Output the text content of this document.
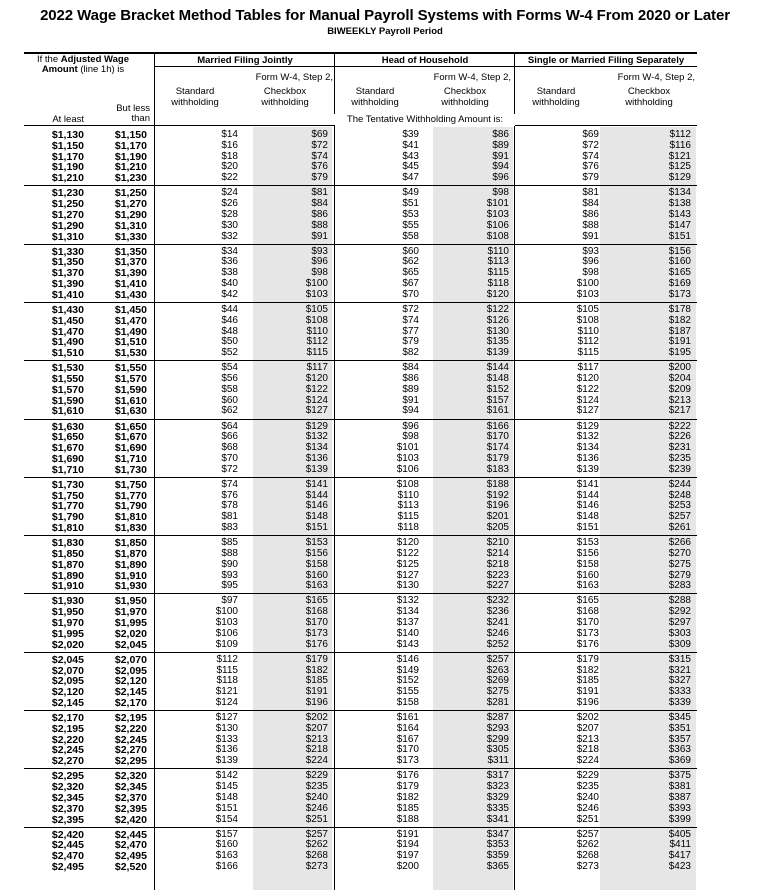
2022 Wage Bracket Method Tables for Manual Payroll Systems with Forms W-4 From 2020 or Later
BIWEEKLY Payroll Period
If the Adjusted Wage
Amount (line 1h) is
But less
than
At least
Married Filing Jointly	Head of Household	Single or Married Filing Separately
Standard
withholding
Form W-4, Step 2,
Checkbox
withholding
Standard
withholding
Form W-4, Step 2,
Checkbox
withholding
Standard
withholding
Form W-4, Step 2,
Checkbox
withholding
The Tentative Withholding Amount is:
$1,130	$1,150	$14	$69	$39	$86	$69	$112
$1,150	$1,170	$16	$72	$41	$89	$72	$116
$1,170	$1,190	$18	$74	$43	$91	$74	$121
$1,190	$1,210	$20	$76	$45	$94	$76	$125
$1,210	$1,230	$22	$79	$47	$96	$79	$129
$1,230	$1,250	$24	$81	$49	$98	$81	$134
$1,250	$1,270	$26	$84	$51	$101	$84	$138
$1,270	$1,290	$28	$86	$53	$103	$86	$143
$1,290	$1,310	$30	$88	$55	$106	$88	$147
$1,310	$1,330	$32	$91	$58	$108	$91	$151
$1,330	$1,350	$34	$93	$60	$110	$93	$156
$1,350	$1,370	$36	$96	$62	$113	$96	$160
$1,370	$1,390	$38	$98	$65	$115	$98	$165
$1,390	$1,410	$40	$100	$67	$118	$100	$169
$1,410	$1,430	$42	$103	$70	$120	$103	$173
$1,430	$1,450	$44	$105	$72	$122	$105	$178
$1,450	$1,470	$46	$108	$74	$126	$108	$182
$1,470	$1,490	$48	$110	$77	$130	$110	$187
$1,490	$1,510	$50	$112	$79	$135	$112	$191
$1,510	$1,530	$52	$115	$82	$139	$115	$195
$1,530	$1,550	$54	$117	$84	$144	$117	$200
$1,550	$1,570	$56	$120	$86	$148	$120	$204
$1,570	$1,590	$58	$122	$89	$152	$122	$209
$1,590	$1,610	$60	$124	$91	$157	$124	$213
$1,610	$1,630	$62	$127	$94	$161	$127	$217
$1,630	$1,650	$64	$129	$96	$166	$129	$222
$1,650	$1,670	$66	$132	$98	$170	$132	$226
$1,670	$1,690	$68	$134	$101	$174	$134	$231
$1,690	$1,710	$70	$136	$103	$179	$136	$235
$1,710	$1,730	$72	$139	$106	$183	$139	$239
$1,730	$1,750	$74	$141	$108	$188	$141	$244
$1,750	$1,770	$76	$144	$110	$192	$144	$248
$1,770	$1,790	$78	$146	$113	$196	$146	$253
$1,790	$1,810	$81	$148	$115	$201	$148	$257
$1,810	$1,830	$83	$151	$118	$205	$151	$261
$1,830	$1,850	$85	$153	$120	$210	$153	$266
$1,850	$1,870	$88	$156	$122	$214	$156	$270
$1,870	$1,890	$90	$158	$125	$218	$158	$275
$1,890	$1,910	$93	$160	$127	$223	$160	$279
$1,910	$1,930	$95	$163	$130	$227	$163	$283
$1,930	$1,950	$97	$165	$132	$232	$165	$288
$1,950	$1,970	$100	$168	$134	$236	$168	$292
$1,970	$1,995	$103	$170	$137	$241	$170	$297
$1,995	$2,020	$106	$173	$140	$246	$173	$303
$2,020	$2,045	$109	$176	$143	$252	$176	$309
$2,045	$2,070	$112	$179	$146	$257	$179	$315
$2,070	$2,095	$115	$182	$149	$263	$182	$321
$2,095	$2,120	$118	$185	$152	$269	$185	$327
$2,120	$2,145	$121	$191	$155	$275	$191	$333
$2,145	$2,170	$124	$196	$158	$281	$196	$339
$2,170	$2,195	$127	$202	$161	$287	$202	$345
$2,195	$2,220	$130	$207	$164	$293	$207	$351
$2,220	$2,245	$133	$213	$167	$299	$213	$357
$2,245	$2,270	$136	$218	$170	$305	$218	$363
$2,270	$2,295	$139	$224	$173	$311	$224	$369
$2,295	$2,320	$142	$229	$176	$317	$229	$375
$2,320	$2,345	$145	$235	$179	$323	$235	$381
$2,345	$2,370	$148	$240	$182	$329	$240	$387
$2,370	$2,395	$151	$246	$185	$335	$246	$393
$2,395	$2,420	$154	$251	$188	$341	$251	$399
$2,420	$2,445	$157	$257	$191	$347	$257	$405
$2,445	$2,470	$160	$262	$194	$353	$262	$411
$2,470	$2,495	$163	$268	$197	$359	$268	$417
$2,495	$2,520	$166	$273	$200	$365	$273	$423
